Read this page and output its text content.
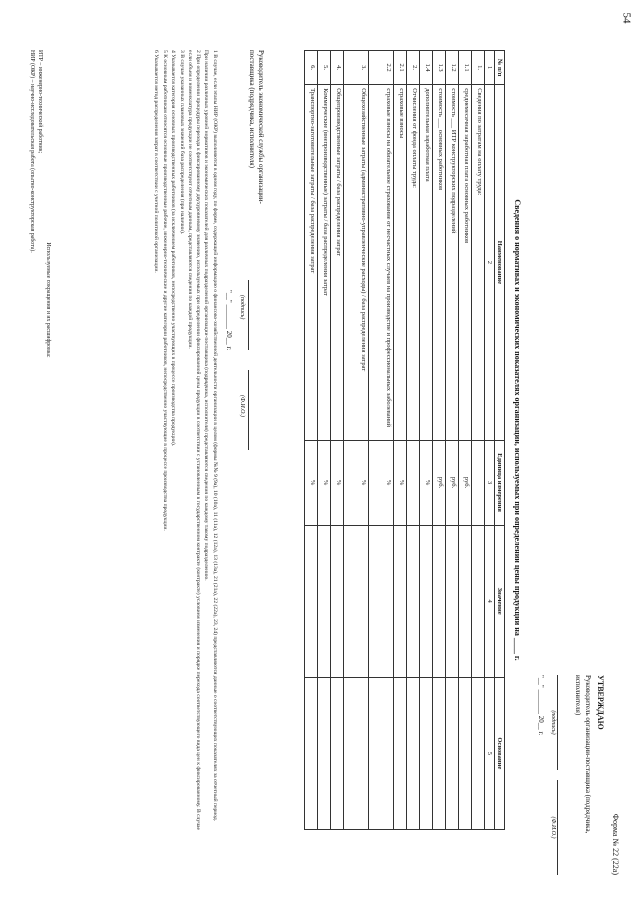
54
Форма № 22 (22а)
УТВЕРЖДАЮ
Руководитель организации-поставщика (подрядчика, исполнителя)
(подпись)
(Ф.И.О.)
"__" _______ 20__ г.
Сведения о нормативах и экономических показателях организации, используемых при определении цены продукции на ____ г.
№ п/п	Наименование	Единица измерения	Значение	Основание
1	2	3	4	5
1.	Сведения по затратам на оплату труда:			
1.1	среднемесячная заработная плата основных работников	руб.		
1.2	стоимость ___ ИТР конструкторских подразделений	руб.		
1.3	стоимость ___ основных работников	руб.		
1.4	дополнительная заработная плата	%		
2.	Отчисления от фонда оплаты труда:			
2.1	страховые взносы	%		
2.2	страховые взносы на обязательное страхование от несчастных случаев на производстве и профессиональных заболеваний	%		
3.	Общехозяйственные затраты (административно-управленческие расходы) / база распределения затрат	%		
4.	Общепроизводственные затраты / база распределения затрат	%		
5.	Коммерческие (внепроизводственные) затраты / база распределения затрат	%		
6.	Транспортно-заготовительные затраты / база распределения затрат	%		
Руководитель экономической службы организации-поставщика (подрядчика, исполнителя)
(подпись)
(Ф.И.О.)
"__" _______ 20__ г.

1 В случае, если этапы НИР (ОКР) выполняются в одном году, по форме, содержащей информацию о финансово-хозяйственной деятельности организации в целом (формы №№ 9 (9а), 10 (10а), 11 (11а), 12 (12а), 13 (13а), 21 (21а), 22 (22а), 23, 24) представляются данные о соответствующих показателях за отчетный период.

При наличии различных уровней нормативов и экономических показателей для различных подразделений организации-поставщика (подрядчика, исполнителя) представляются сведения по каждому такому подразделению.

2 При определении процедуры перехода к фиксированному двухуровневому значению, используемых при определении фиксированной цены продукции в соответствии с установленным в государственном контракте (контракте) условием изменения и порядке перехода соответствующего вида цен к фиксированному. В случае если объем и номенклатура продукции не соответствуют отчетным данным, представляются сведения по каждой продукции.

3 В случае указанных плановых значений база распределения (при наличии).

4 Указывается категория основных производственных работников (за исключением работников, непосредственно участвующих в процессе производства продукции).

5 К основным работникам относятся основные производственные рабочие, инженерно-технические и другие категории работников, непосредственно участвующие в процессе производства продукции.

6 Указывается метод распределения затрат в соответствии с учетной политикой организации.

Используемые сокращения и их расшифровка:
ИТР – инженерно-технический работник;
НИР (ОКР) – научно-исследовательская работа (опытно-конструкторская работа).
